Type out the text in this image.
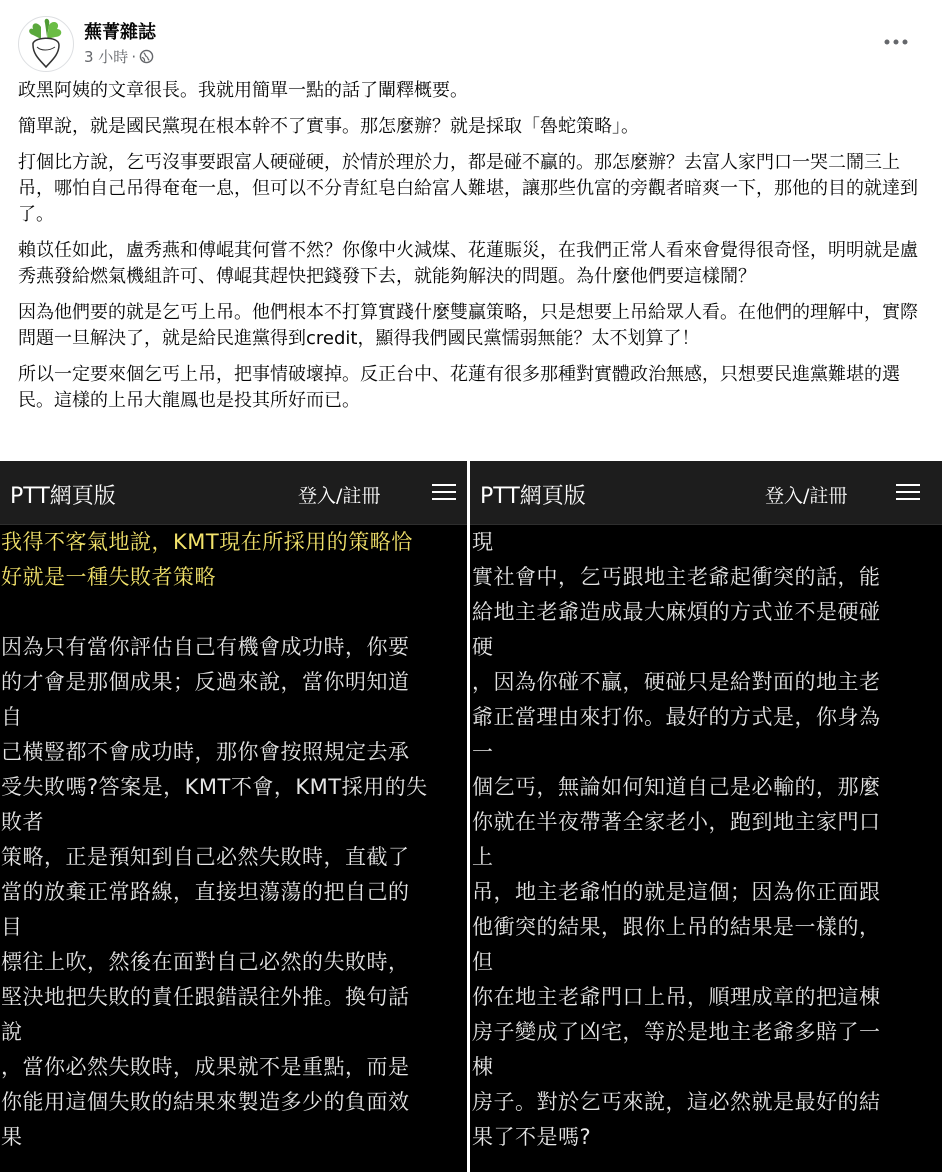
蕪菁雜誌
3 小時 ·

政黑阿姨的文章很長。我就用簡單一點的話了闡釋概要。

簡單說，就是國民黨現在根本幹不了實事。那怎麼辦？就是採取「魯蛇策略」。

打個比方說，乞丐沒事要跟富人硬碰硬，於情於理於力，都是碰不贏的。那怎麼辦？去富人家門口一哭二鬧三上吊，哪怕自己吊得奄奄一息，但可以不分青紅皂白給富人難堪，讓那些仇富的旁觀者暗爽一下，那他的目的就達到了。

賴苡任如此，盧秀燕和傅崐萁何嘗不然？你像中火減煤、花蓮賑災，在我們正常人看來會覺得很奇怪，明明就是盧秀燕發給燃氣機組許可、傅崐萁趕快把錢發下去，就能夠解決的問題。為什麼他們要這樣鬧？

因為他們要的就是乞丐上吊。他們根本不打算實踐什麼雙贏策略，只是想要上吊給眾人看。在他們的理解中，實際問題一旦解決了，就是給民進黨得到credit，顯得我們國民黨懦弱無能？太不划算了！

所以一定要來個乞丐上吊，把事情破壞掉。反正台中、花蓮有很多那種對實體政治無感，只想要民進黨難堪的選民。這樣的上吊大龍鳳也是投其所好而已。

PTT網頁版	登入/註冊
我得不客氣地說，KMT現在所採用的策略恰
好就是一種失敗者策略
因為只有當你評估自己有機會成功時，你要
的才會是那個成果；反過來說，當你明知道
自
己橫豎都不會成功時，那你會按照規定去承
受失敗嗎?答案是，KMT不會，KMT採用的失
敗者
策略，正是預知到自己必然失敗時，直截了
當的放棄正常路線，直接坦蕩蕩的把自己的
目
標往上吹，然後在面對自己必然的失敗時，
堅決地把失敗的責任跟錯誤往外推。換句話
說
，當你必然失敗時，成果就不是重點，而是
你能用這個失敗的結果來製造多少的負面效
果
PTT網頁版	登入/註冊
現
實社會中，乞丐跟地主老爺起衝突的話，能
給地主老爺造成最大麻煩的方式並不是硬碰
硬
，因為你碰不贏，硬碰只是給對面的地主老
爺正當理由來打你。最好的方式是，你身為
一
個乞丐，無論如何知道自己是必輸的，那麼
你就在半夜帶著全家老小，跑到地主家門口
上
吊，地主老爺怕的就是這個；因為你正面跟
他衝突的結果，跟你上吊的結果是一樣的，
但
你在地主老爺門口上吊，順理成章的把這棟
房子變成了凶宅，等於是地主老爺多賠了一
棟
房子。對於乞丐來說，這必然就是最好的結
果了不是嗎?
